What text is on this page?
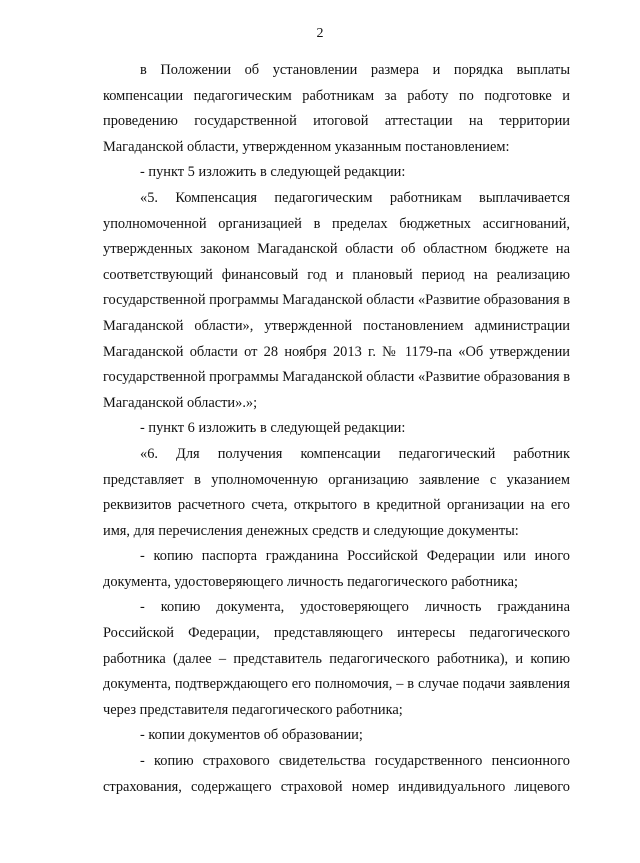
2

в Положении об установлении размера и порядка выплаты компенсации педагогическим работникам за работу по подготовке и проведению государственной итоговой аттестации на территории Магаданской области, утвержденном указанным постановлением:

- пункт 5 изложить в следующей редакции:

«5. Компенсация педагогическим работникам выплачивается уполномоченной организацией в пределах бюджетных ассигнований, утвержденных законом Магаданской области об областном бюджете на соответствующий финансовый год и плановый период на реализацию государственной программы Магаданской области «Развитие образования в Магаданской области», утвержденной постановлением администрации Магаданской области от 28 ноября 2013 г. № 1179-па «Об утверждении государственной программы Магаданской области «Развитие образования в Магаданской области».»;

- пункт 6 изложить в следующей редакции:

«6. Для получения компенсации педагогический работник представляет в уполномоченную организацию заявление с указанием реквизитов расчетного счета, открытого в кредитной организации на его имя, для перечисления денежных средств и следующие документы:

- копию паспорта гражданина Российской Федерации или иного документа, удостоверяющего личность педагогического работника;

- копию документа, удостоверяющего личность гражданина Российской Федерации, представляющего интересы педагогического работника (далее – представитель педагогического работника), и копию документа, подтверждающего его полномочия, – в случае подачи заявления через представителя педагогического работника;

- копии документов об образовании;

- копию страхового свидетельства государственного пенсионного страхования, содержащего страховой номер индивидуального лицевого
